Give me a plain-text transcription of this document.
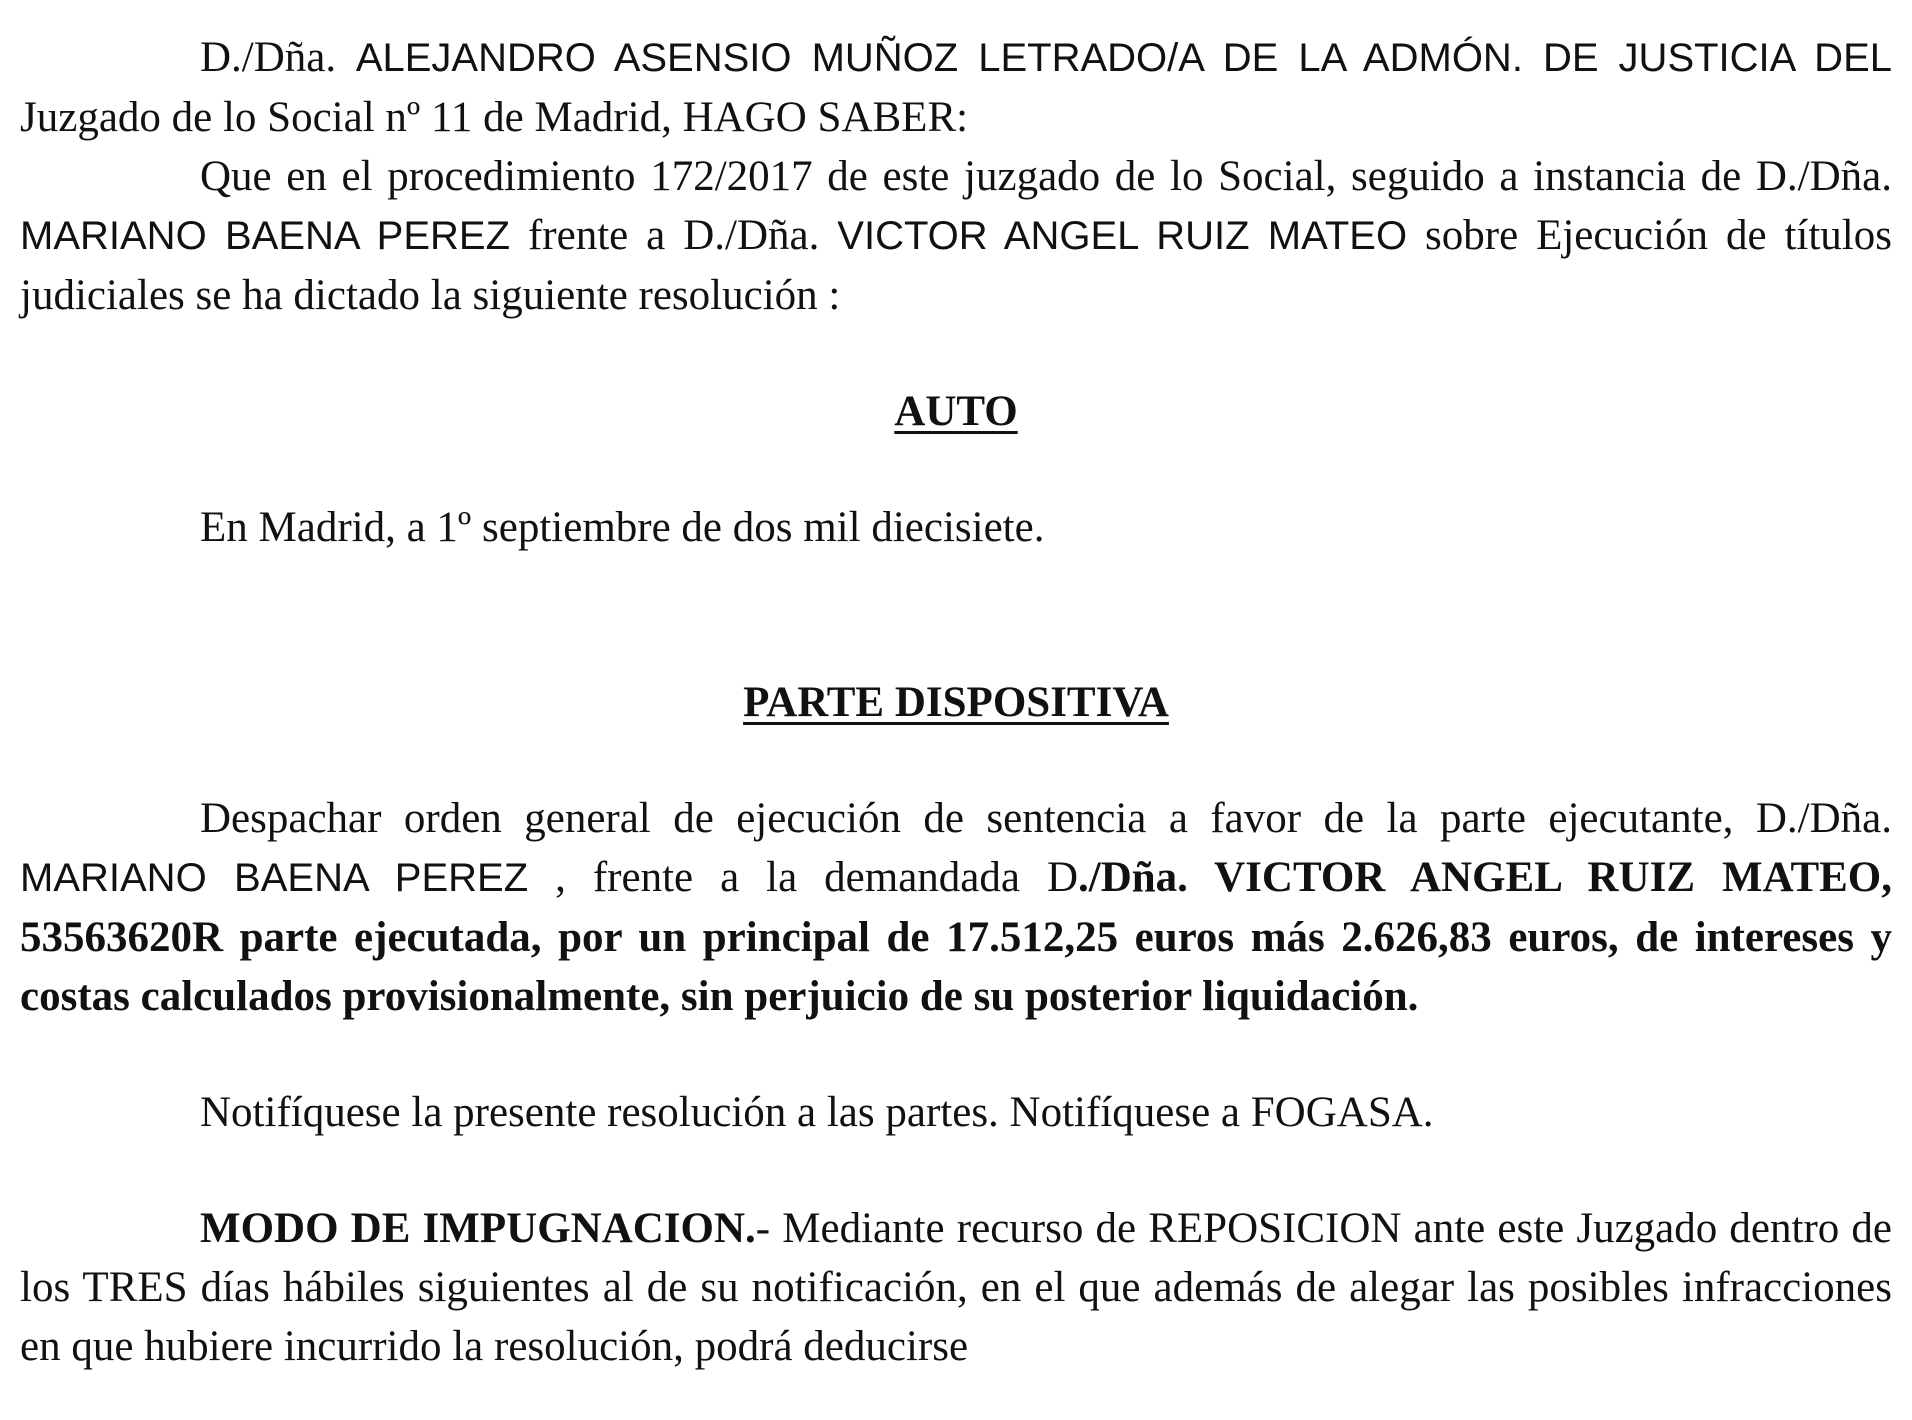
D./Dña. ALEJANDRO ASENSIO MUÑOZ LETRADO/A DE LA ADMÓN. DE JUSTICIA DEL Juzgado de lo Social nº 11 de Madrid, HAGO SABER:

Que en el procedimiento 172/2017 de este juzgado de lo Social, seguido a instancia de D./Dña. MARIANO BAENA PEREZ frente a D./Dña. VICTOR ANGEL RUIZ MATEO sobre Ejecución de títulos judiciales se ha dictado la siguiente resolución :

AUTO

En Madrid, a 1º septiembre de dos mil diecisiete.

PARTE DISPOSITIVA

Despachar orden general de ejecución de sentencia a favor de la parte ejecutante, D./Dña. MARIANO BAENA PEREZ , frente a la demandada D./Dña. VICTOR ANGEL RUIZ MATEO, 53563620R parte ejecutada, por un principal de 17.512,25 euros más 2.626,83 euros, de intereses y costas calculados provisionalmente, sin perjuicio de su posterior liquidación.

Notifíquese la presente resolución a las partes. Notifíquese a FOGASA.

MODO DE IMPUGNACION.- Mediante recurso de REPOSICION ante este Juzgado dentro de los TRES días hábiles siguientes al de su notificación, en el que además de alegar las posibles infracciones en que hubiere incurrido la resolución, podrá deducirse
